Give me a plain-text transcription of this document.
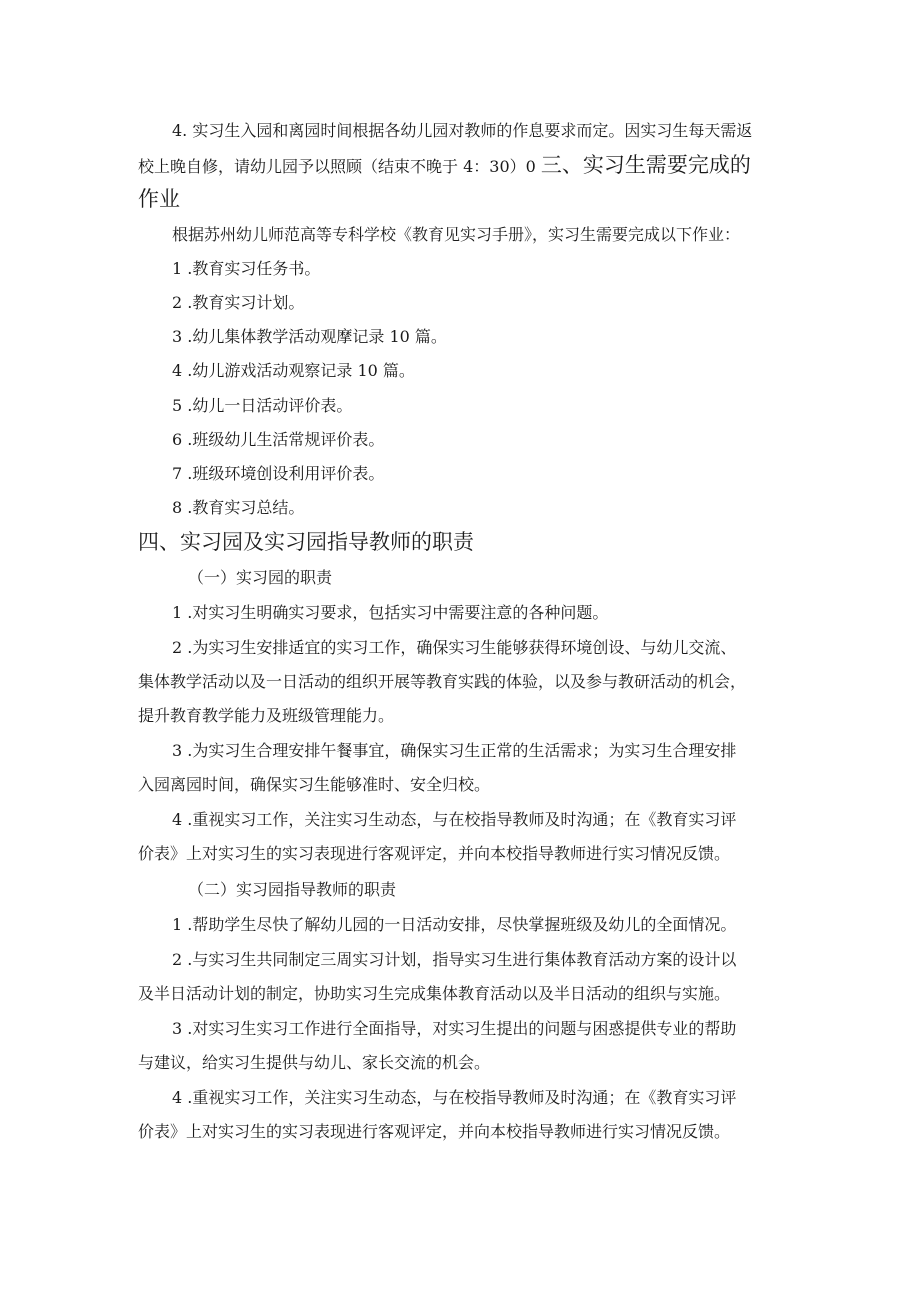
4. 实习生入园和离园时间根据各幼儿园对教师的作息要求而定。因实习生每天需返
校上晚自修，请幼儿园予以照顾（结束不晚于 4：30）0 三、实习生需要完成的
作业
根据苏州幼儿师范高等专科学校《教育见实习手册》，实习生需要完成以下作业：
1 .教育实习任务书。
2 .教育实习计划。
3 .幼儿集体教学活动观摩记录 10 篇。
4 .幼儿游戏活动观察记录 10 篇。
5 .幼儿一日活动评价表。
6 .班级幼儿生活常规评价表。
7 .班级环境创设利用评价表。
8 .教育实习总结。
四、实习园及实习园指导教师的职责
（一）实习园的职责
1 .对实习生明确实习要求，包括实习中需要注意的各种问题。
2 .为实习生安排适宜的实习工作，确保实习生能够获得环境创设、与幼儿交流、
集体教学活动以及一日活动的组织开展等教育实践的体验，以及参与教研活动的机会，
提升教育教学能力及班级管理能力。
3 .为实习生合理安排午餐事宜，确保实习生正常的生活需求；为实习生合理安排
入园离园时间，确保实习生能够准时、安全归校。
4 .重视实习工作，关注实习生动态，与在校指导教师及时沟通；在《教育实习评
价表》上对实习生的实习表现进行客观评定，并向本校指导教师进行实习情况反馈。
（二）实习园指导教师的职责
1 .帮助学生尽快了解幼儿园的一日活动安排，尽快掌握班级及幼儿的全面情况。
2 .与实习生共同制定三周实习计划，指导实习生进行集体教育活动方案的设计以
及半日活动计划的制定，协助实习生完成集体教育活动以及半日活动的组织与实施。
3 .对实习生实习工作进行全面指导，对实习生提出的问题与困惑提供专业的帮助
与建议，给实习生提供与幼儿、家长交流的机会。
4 .重视实习工作，关注实习生动态，与在校指导教师及时沟通；在《教育实习评
价表》上对实习生的实习表现进行客观评定，并向本校指导教师进行实习情况反馈。
